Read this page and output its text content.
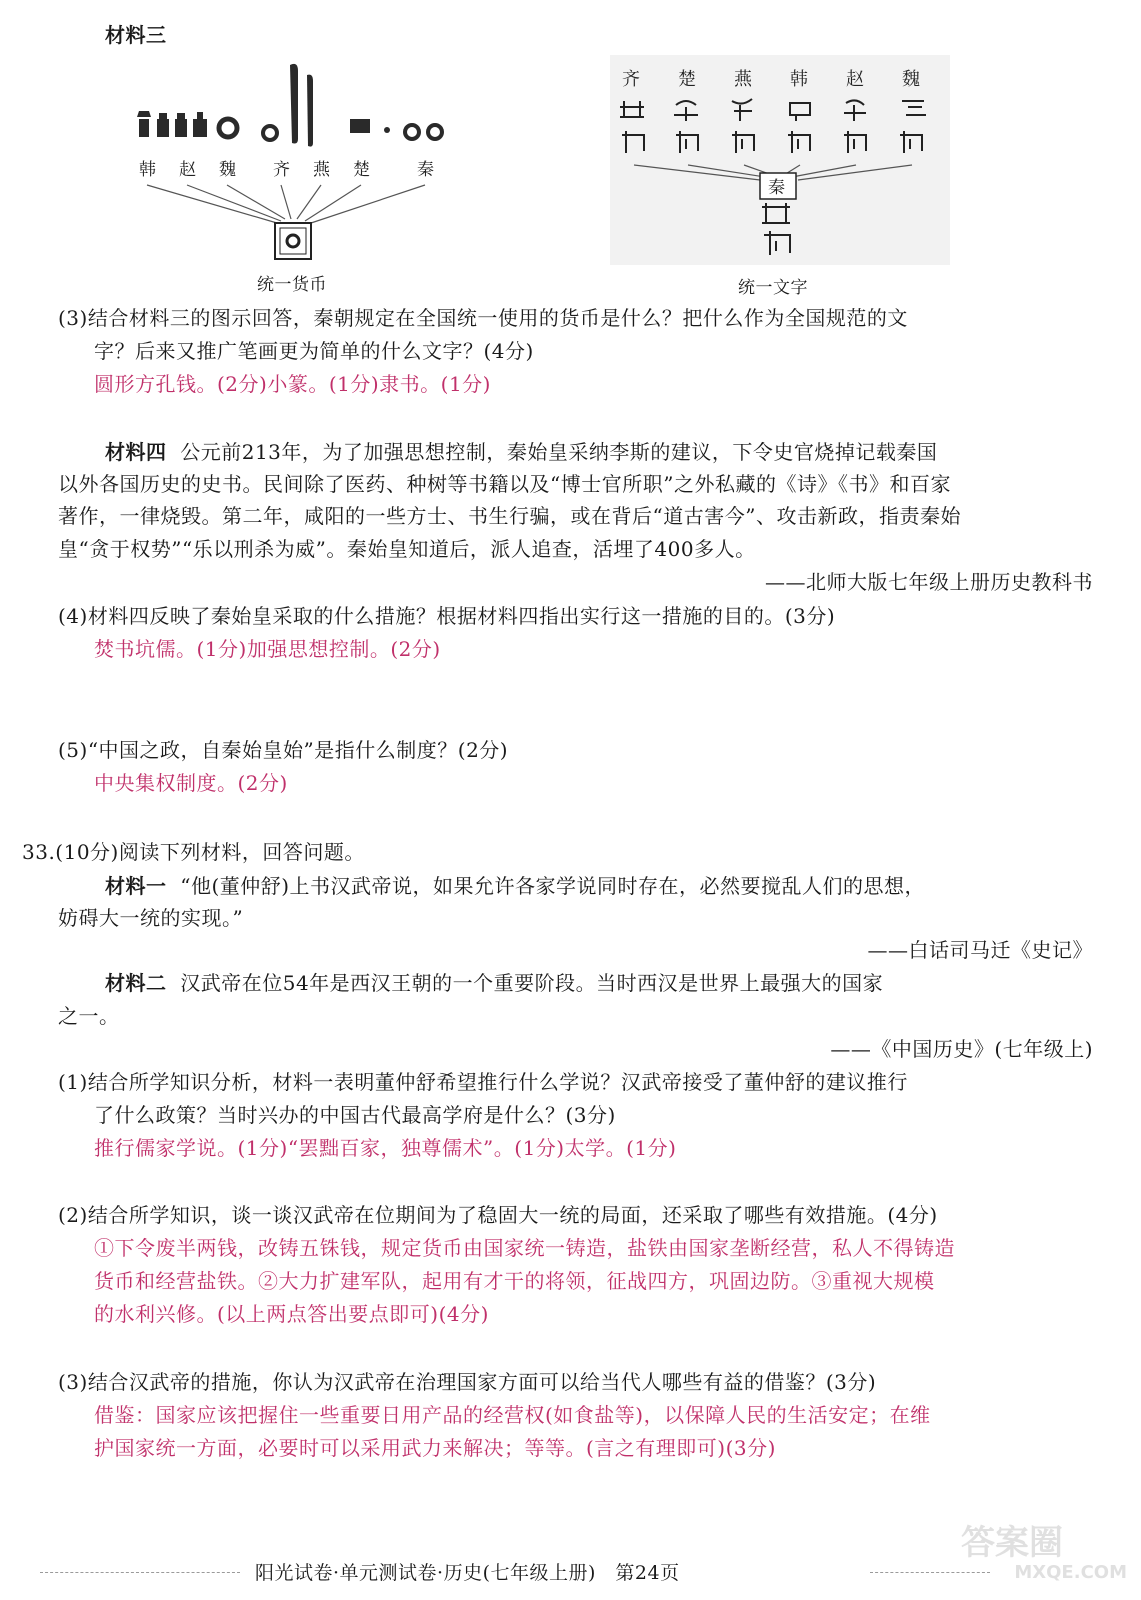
材料三
韩 赵 魏 齐 燕 楚	秦
统一货币
齐 楚 燕 韩 赵 魏
秦
统一文字
(3)结合材料三的图示回答，秦朝规定在全国统一使用的货币是什么？把什么作为全国规范的文
字？后来又推广笔画更为简单的什么文字？(4分)
圆形方孔钱。(2分)小篆。(1分)隶书。(1分)
材料四 公元前213年，为了加强思想控制，秦始皇采纳李斯的建议，下令史官烧掉记载秦国
以外各国历史的史书。民间除了医药、种树等书籍以及“博士官所职”之外私藏的《诗》《书》和百家
著作，一律烧毁。第二年，咸阳的一些方士、书生行骗，或在背后“道古害今”、攻击新政，指责秦始
皇“贪于权势”“乐以刑杀为威”。秦始皇知道后，派人追查，活埋了400多人。
——北师大版七年级上册历史教科书
(4)材料四反映了秦始皇采取的什么措施？根据材料四指出实行这一措施的目的。(3分)
焚书坑儒。(1分)加强思想控制。(2分)
(5)“中国之政，自秦始皇始”是指什么制度？(2分)
中央集权制度。(2分)
33.(10分)阅读下列材料，回答问题。
材料一 “他(董仲舒)上书汉武帝说，如果允许各家学说同时存在，必然要搅乱人们的思想，
妨碍大一统的实现。”
——白话司马迁《史记》
材料二 汉武帝在位54年是西汉王朝的一个重要阶段。当时西汉是世界上最强大的国家
之一。
——《中国历史》(七年级上)
(1)结合所学知识分析，材料一表明董仲舒希望推行什么学说？汉武帝接受了董仲舒的建议推行
了什么政策？当时兴办的中国古代最高学府是什么？(3分)
推行儒家学说。(1分)“罢黜百家，独尊儒术”。(1分)太学。(1分)
(2)结合所学知识，谈一谈汉武帝在位期间为了稳固大一统的局面，还采取了哪些有效措施。(4分)
①下令废半两钱，改铸五铢钱，规定货币由国家统一铸造，盐铁由国家垄断经营，私人不得铸造
货币和经营盐铁。②大力扩建军队，起用有才干的将领，征战四方，巩固边防。③重视大规模
的水利兴修。(以上两点答出要点即可)(4分)
(3)结合汉武帝的措施，你认为汉武帝在治理国家方面可以给当代人哪些有益的借鉴？(3分)
借鉴：国家应该把握住一些重要日用产品的经营权(如食盐等)，以保障人民的生活安定；在维
护国家统一方面，必要时可以采用武力来解决；等等。(言之有理即可)(3分)
阳光试卷·单元测试卷·历史(七年级上册)　第24页
答案圈
MXQE.COM
